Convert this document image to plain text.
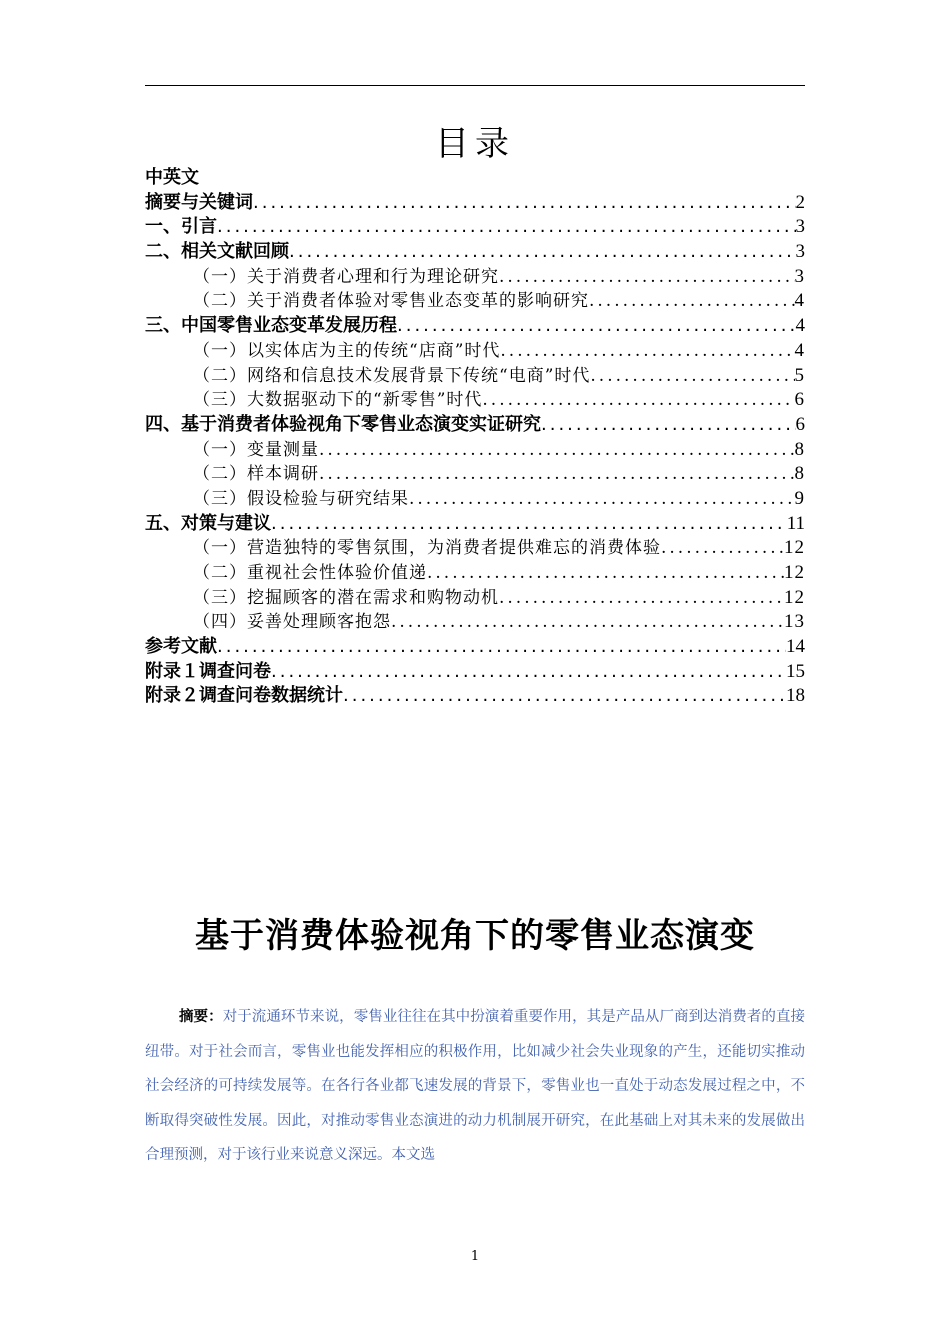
目录
中英文
摘要与关键词 .....	2
一、引言 .....	3
二、相关文献回顾 .....	3
（一）关于消费者心理和行为理论研究 .....	3
（二）关于消费者体验对零售业态变革的影响研究 .....	4
三、中国零售业态变革发展历程 .....	4
（一）以实体店为主的传统“店商”时代 .....	4
（二）网络和信息技术发展背景下传统“电商”时代 .....	5
（三）大数据驱动下的“新零售”时代 .....	6
四、基于消费者体验视角下零售业态演变实证研究 .....	6
（一）变量测量 .....	8
（二）样本调研 .....	8
（三）假设检验与研究结果 .....	9
五、对策与建议 .....	11
（一）营造独特的零售氛围，为消费者提供难忘的消费体验 .....	12
（二）重视社会性体验价值递 .....	12
（三）挖掘顾客的潜在需求和购物动机 .....	12
（四）妥善处理顾客抱怨 .....	13
参考文献 .....	14
附录１调查问卷 .....	15
附录２调查问卷数据统计 .....	18
基于消费体验视角下的零售业态演变
摘要：对于流通环节来说，零售业往往在其中扮演着重要作用，其是产品从厂商到达消费者的直接纽带。对于社会而言，零售业也能发挥相应的积极作用，比如减少社会失业现象的产生，还能切实推动社会经济的可持续发展等。在各行各业都飞速发展的背景下，零售业也一直处于动态发展过程之中，不断取得突破性发展。因此，对推动零售业态演进的动力机制展开研究，在此基础上对其未来的发展做出合理预测，对于该行业来说意义深远。本文选
1
